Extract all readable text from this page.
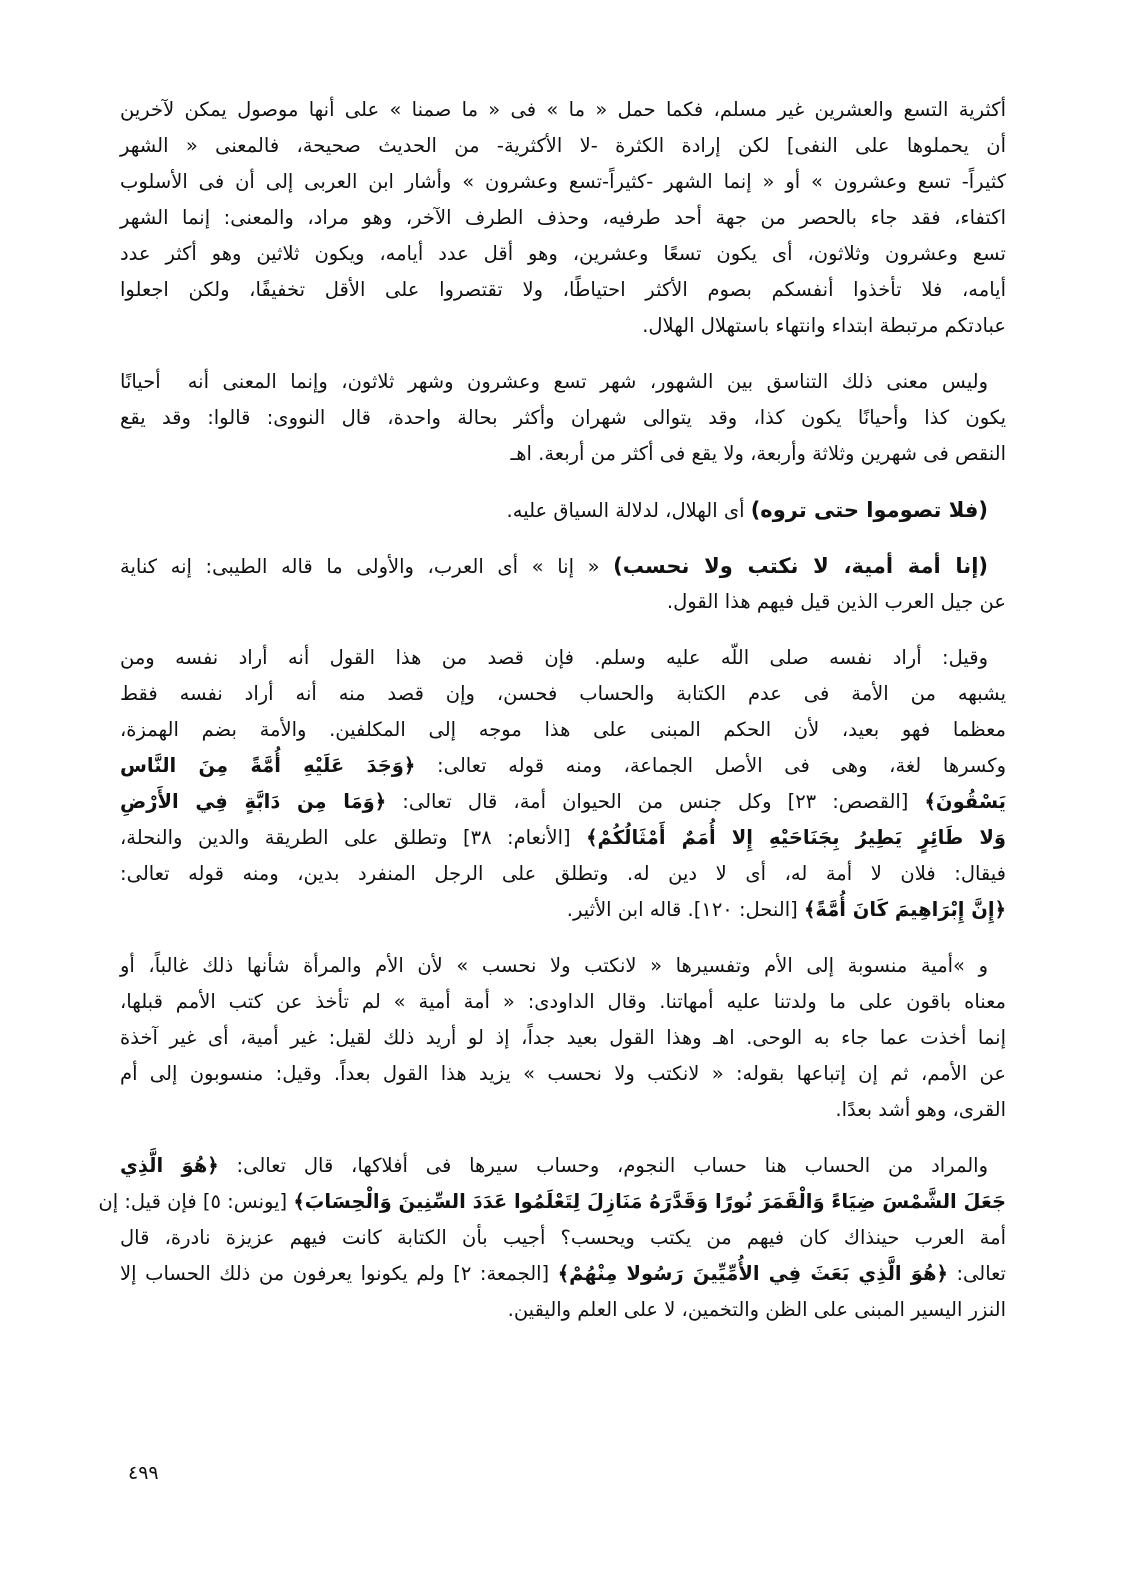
أكثرية التسع والعشرين غير مسلم، فكما حمل « ما » فى « ما صمنا » على أنها موصول يمكن لآخرين
أن يحملوها على النفى] لكن إرادة الكثرة -لا الأكثرية- من الحديث صحيحة، فالمعنى « الشهر
كثيراً- تسع وعشرون » أو « إنما الشهر -كثيراً-تسع وعشرون » وأشار ابن العربى إلى أن فى الأسلوب
اكتفاء، فقد جاء بالحصر من جهة أحد طرفيه، وحذف الطرف الآخر، وهو مراد، والمعنى: إنما الشهر
تسع وعشرون وثلاثون، أى يكون تسعًا وعشرين، وهو أقل عدد أيامه، ويكون ثلاثين وهو أكثر عدد
أيامه، فلا تأخذوا أنفسكم بصوم الأكثر احتياطًا، ولا تقتصروا على الأقل تخفيفًا، ولكن اجعلوا
عبادتكم مرتبطة ابتداء وانتهاء باستهلال الهلال.
وليس معنى ذلك التناسق بين الشهور، شهر تسع وعشرون وشهر ثلاثون، وإنما المعنى أنه  أحيانًا
يكون كذا وأحيانًا يكون كذا، وقد يتوالى شهران وأكثر بحالة واحدة، قال النووى: قالوا: وقد يقع
النقص فى شهرين وثلاثة وأربعة، ولا يقع فى أكثر من أربعة. اهـ
(فلا تصوموا حتى تروه) أى الهلال، لدلالة السياق عليه.
(إنا أمة أمية، لا نكتب ولا نحسب) « إنا » أى العرب، والأولى ما قاله الطيبى: إنه كناية
عن جيل العرب الذين قيل فيهم هذا القول.
وقيل: أراد نفسه صلى اللّه عليه وسلم. فإن قصد من هذا القول أنه أراد نفسه ومن
يشبهه من الأمة فى عدم الكتابة والحساب فحسن، وإن قصد منه أنه أراد نفسه فقط
معظما فهو بعيد، لأن الحكم المبنى على هذا موجه إلى المكلفين. والأمة بضم الهمزة،
وكسرها لغة، وهى فى الأصل الجماعة، ومنه قوله تعالى: ﴿وَجَدَ عَلَيْهِ أُمَّةً مِنَ النَّاس
يَسْقُونَ﴾ [القصص: ٢٣] وكل جنس من الحيوان أمة، قال تعالى: ﴿وَمَا مِن دَابَّةٍ فِي الأَرْضِ
وَلا طَائِرٍ يَطِيرُ بِجَنَاحَيْهِ إِلا أُمَمٌ أَمْثَالُكُمْ﴾ [الأنعام: ٣٨] وتطلق على الطريقة والدين والنحلة،
فيقال: فلان لا أمة له، أى لا دين له. وتطلق على الرجل المنفرد بدين، ومنه قوله تعالى:
﴿إِنَّ إِبْرَاهِيمَ كَانَ أُمَّةً﴾ [النحل: ١٢٠]. قاله ابن الأثير.
و »أمية منسوبة إلى الأم وتفسيرها « لانكتب ولا نحسب » لأن الأم والمرأة شأنها ذلك غالباً، أو
معناه باقون على ما ولدتنا عليه أمهاتنا. وقال الداودى: « أمة أمية » لم تأخذ عن كتب الأمم قبلها،
إنما أخذت عما جاء به الوحى. اهـ وهذا القول بعيد جداً، إذ لو أريد ذلك لقيل: غير أمية، أى غير آخذة
عن الأمم، ثم إن إتباعها بقوله: « لانكتب ولا نحسب » يزيد هذا القول بعداً. وقيل: منسوبون إلى أم
القرى، وهو أشد بعدًا.
والمراد من الحساب هنا حساب النجوم، وحساب سيرها فى أفلاكها، قال تعالى: ﴿هُوَ الَّذِي
جَعَلَ الشَّمْسَ ضِيَاءً وَالْقَمَرَ نُورًا وَقَدَّرَهُ مَنَازِلَ لِتَعْلَمُوا عَدَدَ السِّنِينَ وَالْحِسَابَ﴾ [يونس: ٥] فإن قيل: إن
أمة العرب حينذاك كان فيهم من يكتب ويحسب؟ أجيب بأن الكتابة كانت فيهم عزيزة نادرة، قال
تعالى: ﴿هُوَ الَّذِي بَعَثَ فِي الأُمِّيِّينَ رَسُولا مِنْهُمْ﴾ [الجمعة: ٢] ولم يكونوا يعرفون من ذلك الحساب إلا
النزر اليسير المبنى على الظن والتخمين، لا على العلم واليقين.
٤٩٩
